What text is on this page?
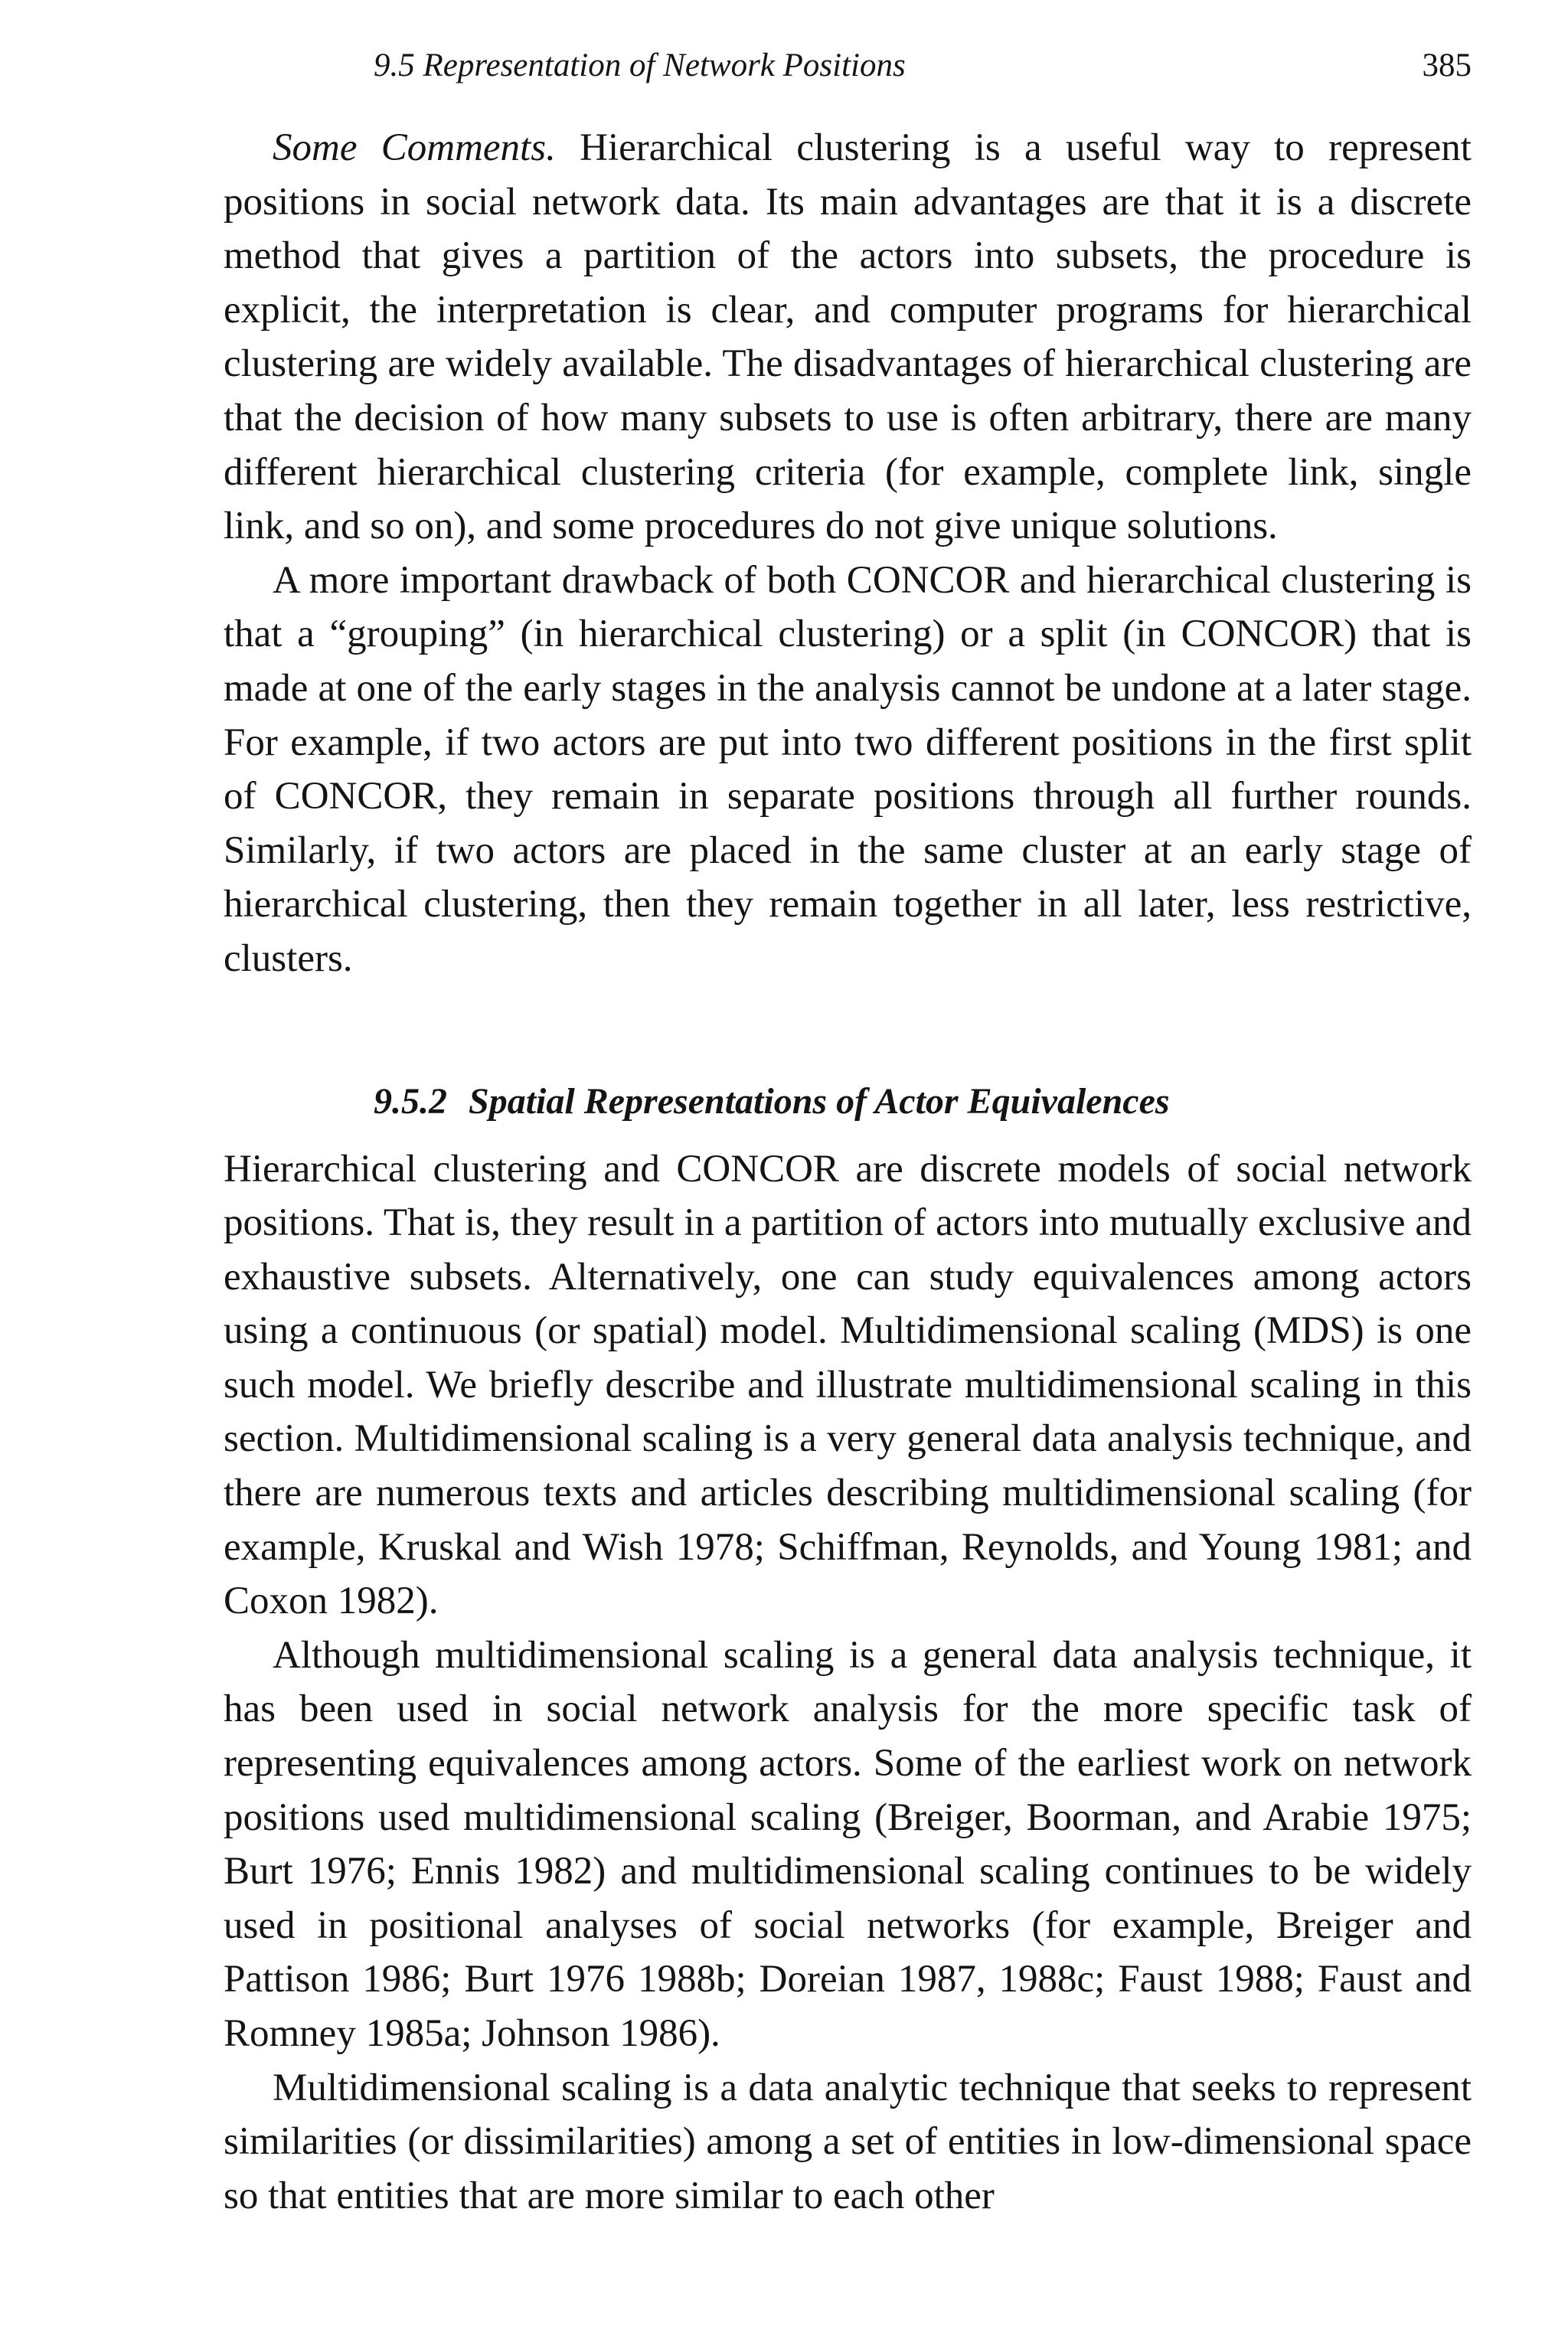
9.5 Representation of Network Positions	385

Some Comments. Hierarchical clustering is a useful way to represent positions in social network data. Its main advantages are that it is a discrete method that gives a partition of the actors into subsets, the procedure is explicit, the interpretation is clear, and computer programs for hierarchical clustering are widely available. The disadvantages of hierarchical clustering are that the decision of how many subsets to use is often arbitrary, there are many different hierarchical clustering criteria (for example, complete link, single link, and so on), and some procedures do not give unique solutions.

A more important drawback of both CONCOR and hierarchical clustering is that a “grouping” (in hierarchical clustering) or a split (in CONCOR) that is made at one of the early stages in the analysis cannot be undone at a later stage. For example, if two actors are put into two different positions in the first split of CONCOR, they remain in separate positions through all further rounds. Similarly, if two actors are placed in the same cluster at an early stage of hierarchical clustering, then they remain together in all later, less restrictive, clusters.

9.5.2 Spatial Representations of Actor Equivalences

Hierarchical clustering and CONCOR are discrete models of social network positions. That is, they result in a partition of actors into mutually exclusive and exhaustive subsets. Alternatively, one can study equivalences among actors using a continuous (or spatial) model. Multidimensional scaling (MDS) is one such model. We briefly describe and illustrate multidimensional scaling in this section. Multidimensional scaling is a very general data analysis technique, and there are numerous texts and articles describing multidimensional scaling (for example, Kruskal and Wish 1978; Schiffman, Reynolds, and Young 1981; and Coxon 1982).

Although multidimensional scaling is a general data analysis technique, it has been used in social network analysis for the more specific task of representing equivalences among actors. Some of the earliest work on network positions used multidimensional scaling (Breiger, Boorman, and Arabie 1975; Burt 1976; Ennis 1982) and multidimensional scaling continues to be widely used in positional analyses of social networks (for example, Breiger and Pattison 1986; Burt 1976 1988b; Doreian 1987, 1988c; Faust 1988; Faust and Romney 1985a; Johnson 1986).

Multidimensional scaling is a data analytic technique that seeks to represent similarities (or dissimilarities) among a set of entities in low-dimensional space so that entities that are more similar to each other
